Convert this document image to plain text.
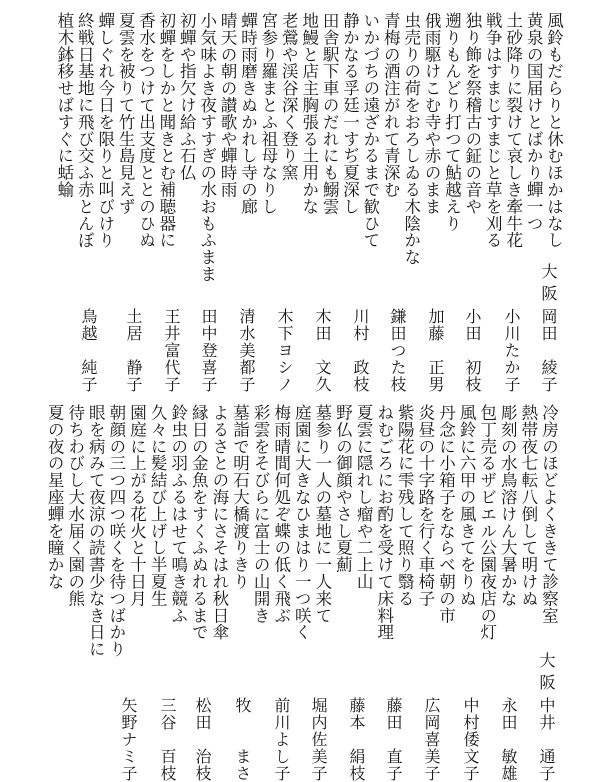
風鈴もだらりと休むほかはなし
黄泉の国届けとばかり蟬一つ
土砂降りに裂けて哀しき牽牛花
戦争はすまじすまじと草を刈る
独り飾を祭稽古の鉦の音や
遡りもんどり打つて鮎越えり
俄雨駆けこむ寺や赤のまま
虫売りの荷をおろしゐる木陰かな
青梅の酒注がれて青深む
いかづちの遠ざかるまで歓ひて
静かなる孚廷一すぢ夏深し
田舎駅下車のだれにも鰯雲
地鰻と店主胸張る土用かな
老鶯や渓谷深く登り窯
宮参り羅まとふ祖母なりし
蟬時雨磨きぬかれし寺の廊
晴天の朝の讃歌や蟬時雨
小気味よき夜すすぎの水おもふまま
初蟬や指欠け給ふ石仏
初蟬をしかと聞きとむ補聴器に
香水をつけて出支度ととのひぬ
夏雲を被りて竹生島見えず
蟬しぐれ今日を限りと叫びけり
終戦日基地に飛び交ふ赤とんぼ
植木鉢移せばすぐに蛞蝓
大阪
岡田　綾子
小川たか子
小田　初枝
加藤　正男
鎌田つた枝
川村　政枝
木田　文久
木下ヨシノ
清水美都子
田中登喜子
王井富代子
土居　静子
鳥越　純子
冷房のほどよくききて診察室
熱帯夜七転八倒して明けぬ
彫刻の水鳥溶けん大暑かな
包丁売るザビエル公園夜店の灯
風鈴に六甲の風きてをりぬ
丹念に小箱子をならべ朝の市
炎昼の十字路を行く車椅子
紫陽花に雫残して照り翳る
ねむごろにお酌を受けて床料理
夏雲に隠れし瘤や二上山
野仏の御顔やさし夏薊
墓参り一人の墓地に一人来て
庭園に大きなひまはり一つ咲く
梅雨晴間何処ぞ蝶の低く飛ぶ
彩雲をそびらに富士の山開き
墓詣で明石大橋渡りきり
よるさとの海にさそはれ秋日傘
縁日の金魚をすくふぬれるまで
鈴虫の羽ふるはせて鳴き競ふ
久々に髪結び上げし半夏生
園庭に上がる花火と十日月
朝顔の三つ四つ咲くを待つばかり
眼を病みて夜涼の読書少なき日に
待ちわびし大水届く園の熊
夏の夜の星座蟬を瞳かな
大阪
中井　通子
永田　敏雄
中村倭文子
広岡喜美子
藤田　直子
藤本　絹枝
堀内佐美子
前川よし子
牧　　まさ
松田　治枝
三谷　百枝
矢野ナミ子
